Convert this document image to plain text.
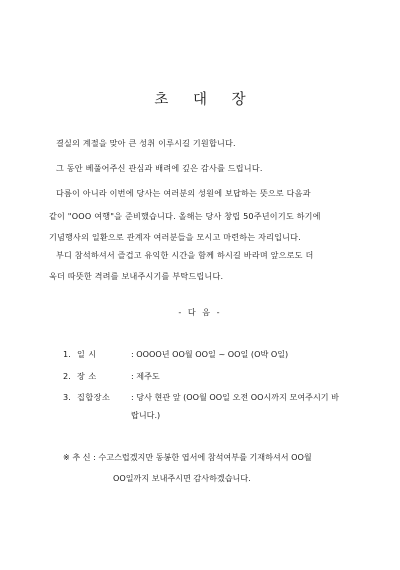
초 대 장
결실의 계절을 맞아 큰 성취 이루시길 기원합니다.
그 동안 베풀어주신 관심과 배려에 깊은 감사를 드립니다.
다름이 아니라 이번에 당사는 여러분의 성원에 보답하는 뜻으로 다음과
같이 "OOO 여행"을 준비했습니다. 올해는 당사 창립 50주년이기도 하기에
기념행사의 일환으로 관계자 여러분들을 모시고 마련하는 자리입니다.
부디 참석하셔서 즐겁고 유익한 시간을 함께 하시길 바라며 앞으로도 더
욱더 따뜻한 격려를 보내주시기를 부탁드립니다.
- 다 음 -
1. 일 시	: OOOO년 OO월 OO일 ~ OO일 (O박 O일)
2. 장 소	: 제주도
3. 집합장소	: 당사 현관 앞 (OO월 OO일 오전 OO시까지 모여주시기 바
랍니다.)
※ 추 신 : 수고스럽겠지만 동봉한 엽서에 참석여부를 기재하셔서 OO월
OO일까지 보내주시면 감사하겠습니다.
